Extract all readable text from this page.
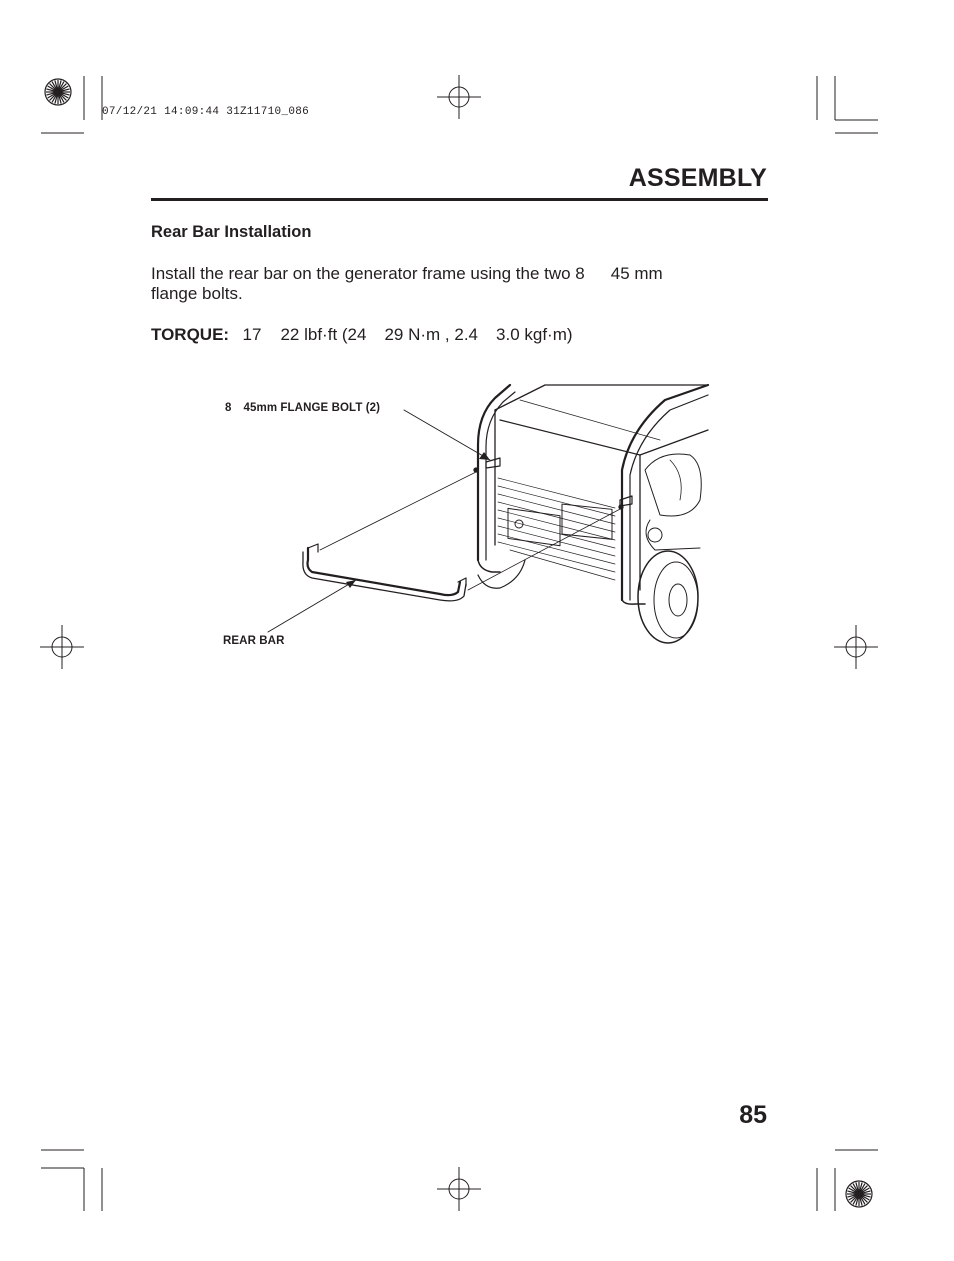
07/12/21 14:09:44 31Z11710_086
ASSEMBLY
Rear Bar Installation
Install the rear bar on the generator frame using the two 8 45 mm
flange bolts.
TORQUE: 17 22 lbf·ft (24 29 N·m , 2.4 3.0 kgf·m)
8 45mm FLANGE BOLT (2)
REAR BAR
85
